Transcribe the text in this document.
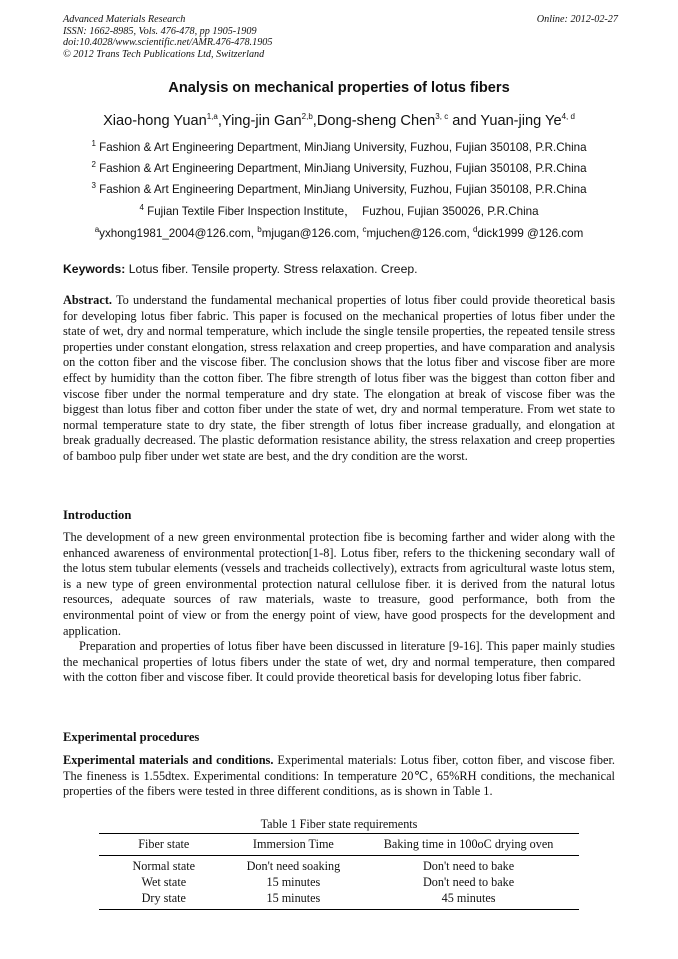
Advanced Materials Research
ISSN: 1662-8985, Vols. 476-478, pp 1905-1909
doi:10.4028/www.scientific.net/AMR.476-478.1905
© 2012 Trans Tech Publications Ltd, Switzerland
Online: 2012-02-27
Analysis on mechanical properties of lotus fibers
Xiao-hong Yuan$^{1,a}$,Ying-jin Gan$^{2,b}$,Dong-sheng Chen$^{3, c}$ and Yuan-jing Ye$^{4, d}$
$^1$ Fashion & Art Engineering Department, MinJiang University, Fuzhou, Fujian 350108, P.R.China
$^2$ Fashion & Art Engineering Department, MinJiang University, Fuzhou, Fujian 350108, P.R.China
$^3$ Fashion & Art Engineering Department, MinJiang University, Fuzhou, Fujian 350108, P.R.China
$^4$ Fujian Textile Fiber Inspection Institute，  Fuzhou, Fujian 350026, P.R.China
$^a$yxhong1981_2004@126.com, $^b$mjugan@126.com, $^c$mjuchen@126.com, $^d$dick1999 @126.com
Keywords: Lotus fiber. Tensile property. Stress relaxation. Creep.
Abstract. To understand the fundamental mechanical properties of lotus fiber could provide theoretical basis for developing lotus fiber fabric. This paper is focused on the mechanical properties of lotus fiber under the state of wet, dry and normal temperature, which include the single tensile properties, the repeated tensile stress properties under constant elongation, stress relaxation and creep properties, and have comparation and analysis on the cotton fiber and the viscose fiber. The conclusion shows that the lotus fiber and viscose fiber are more effect by humidity than the cotton fiber. The fibre strength of lotus fiber was the biggest than cotton fiber and viscose fiber under the normal temperature and dry state. The elongation at break of viscose fiber was the biggest than lotus fiber and cotton fiber under the state of wet, dry and normal temperature. From wet state to normal temperature state to dry state, the fiber strength of lotus fiber increase gradually, and elongation at break gradually decreased. The plastic deformation resistance ability, the stress relaxation and creep properties of bamboo pulp fiber under wet state are best, and the dry condition are the worst.
Introduction
The development of a new green environmental protection fibe is becoming farther and wider along with the enhanced awareness of environmental protection[1-8]. Lotus fiber, refers to the thickening secondary wall of the lotus stem tubular elements (vessels and tracheids collectively), extracts from agricultural waste lotus stem, is a new type of green environmental protection natural cellulose fiber. it is derived from the natural lotus resources, adequate sources of raw materials, waste to treasure, good performance, both from the environmental point of view or from the energy point of view, have good prospects for the development and application.
Preparation and properties of lotus fiber have been discussed in literature [9-16]. This paper mainly studies the mechanical properties of lotus fibers under the state of wet, dry and normal temperature, then compared with the cotton fiber and viscose fiber. It could provide theoretical basis for developing lotus fiber fabric.
Experimental procedures
Experimental materials and conditions. Experimental materials: Lotus fiber, cotton fiber, and viscose fiber. The fineness is 1.55dtex. Experimental conditions: In temperature 20℃, 65%RH conditions, the mechanical properties of the fibers were tested in three different conditions, as is shown in Table 1.
Table 1 Fiber state requirements
Fiber state	Immersion Time	Baking time in 100oC drying oven
Normal state	Don't need soaking	Don't need to bake
Wet state	15 minutes	Don't need to bake
Dry state	15 minutes	45 minutes
